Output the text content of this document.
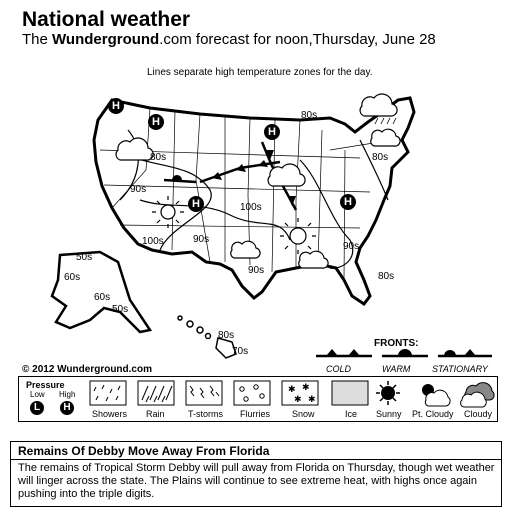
National weather
The Wunderground.com forecast for noon,Thursday, June 28
Lines separate high temperature zones for the day.
H
H
H
H	H
80s	80s
90s
100s
100s
90s
90s
80s
80s
90s
60s
50s
60s
50s
80s
70s
FRONTS:
COLD	WARM STATIONARY
© 2012 Wunderground.com
Pressure
Low High
L	H
✱ ✱
✱ ✱
Showers Rain	T-storms Flurries Snow	Ice Sunny Pt. Cloudy Cloudy
Remains Of Debby Move Away From Florida
The remains of Tropical Storm Debby will pull away from Florida on Thursday, though wet weather will linger across the state. The Plains will continue to see extreme heat, with highs once again pushing into the triple digits.
